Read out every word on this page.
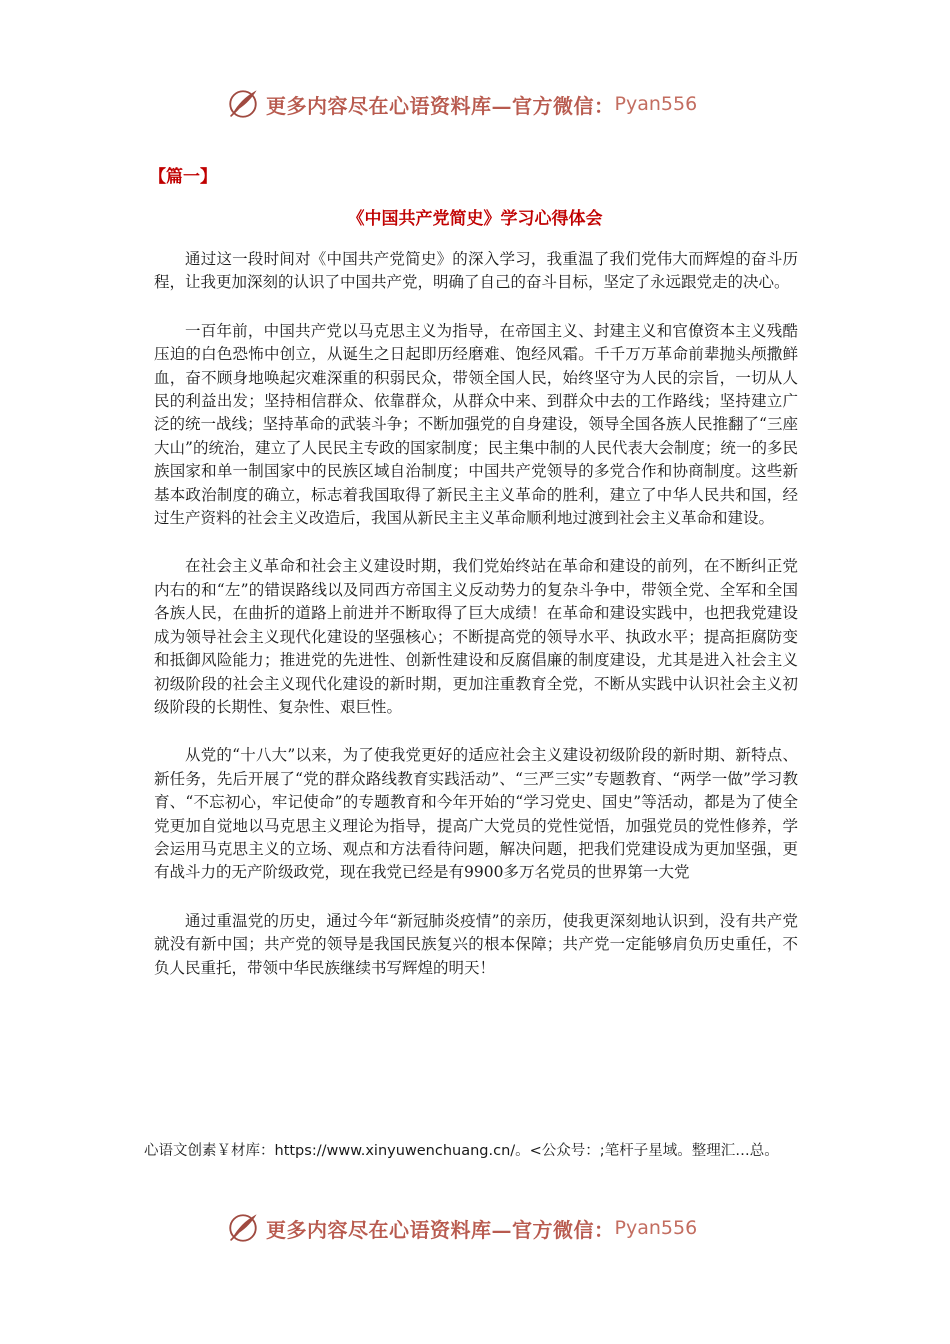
更多内容尽在心语资料库—官方微信： Pyan556
【篇一】
《中国共产党简史》学习心得体会

通过这一段时间对《中国共产党简史》的深入学习，我重温了我们党伟大而辉煌的奋斗历程，让我更加深刻的认识了中国共产党，明确了自己的奋斗目标，坚定了永远跟党走的决心。

一百年前，中国共产党以马克思主义为指导，在帝国主义、封建主义和官僚资本主义残酷压迫的白色恐怖中创立，从诞生之日起即历经磨难、饱经风霜。千千万万革命前辈抛头颅撒鲜血，奋不顾身地唤起灾难深重的积弱民众，带领全国人民，始终坚守为人民的宗旨，一切从人民的利益出发；坚持相信群众、依靠群众，从群众中来、到群众中去的工作路线；坚持建立广泛的统一战线；坚持革命的武装斗争；不断加强党的自身建设，领导全国各族人民推翻了“三座大山”的统治，建立了人民民主专政的国家制度；民主集中制的人民代表大会制度；统一的多民族国家和单一制国家中的民族区域自治制度；中国共产党领导的多党合作和协商制度。这些新基本政治制度的确立，标志着我国取得了新民主主义革命的胜利，建立了中华人民共和国，经过生产资料的社会主义改造后，我国从新民主主义革命顺利地过渡到社会主义革命和建设。

在社会主义革命和社会主义建设时期，我们党始终站在革命和建设的前列，在不断纠正党内右的和“左”的错误路线以及同西方帝国主义反动势力的复杂斗争中，带领全党、全军和全国各族人民，在曲折的道路上前进并不断取得了巨大成绩！在革命和建设实践中，也把我党建设成为领导社会主义现代化建设的坚强核心；不断提高党的领导水平、执政水平；提高拒腐防变和抵御风险能力；推进党的先进性、创新性建设和反腐倡廉的制度建设，尤其是进入社会主义初级阶段的社会主义现代化建设的新时期，更加注重教育全党，不断从实践中认识社会主义初级阶段的长期性、复杂性、艰巨性。

从党的“十八大”以来，为了使我党更好的适应社会主义建设初级阶段的新时期、新特点、新任务，先后开展了“党的群众路线教育实践活动”、“三严三实”专题教育、“两学一做”学习教育、“不忘初心，牢记使命”的专题教育和今年开始的“学习党史、国史”等活动，都是为了使全党更加自觉地以马克思主义理论为指导，提高广大党员的党性觉悟，加强党员的党性修养，学会运用马克思主义的立场、观点和方法看待问题，解决问题，把我们党建设成为更加坚强，更有战斗力的无产阶级政党，现在我党已经是有9900多万名党员的世界第一大党

通过重温党的历史，通过今年“新冠肺炎疫情”的亲历，使我更深刻地认识到，没有共产党就没有新中国；共产党的领导是我国民族复兴的根本保障；共产党一定能够肩负历史重任，不负人民重托，带领中华民族继续书写辉煌的明天！

心语文创素￥材库：https://www.xinyuwenchuang.cn/。<公众号：;笔杆子星域。整理汇…总。
更多内容尽在心语资料库—官方微信： Pyan556
